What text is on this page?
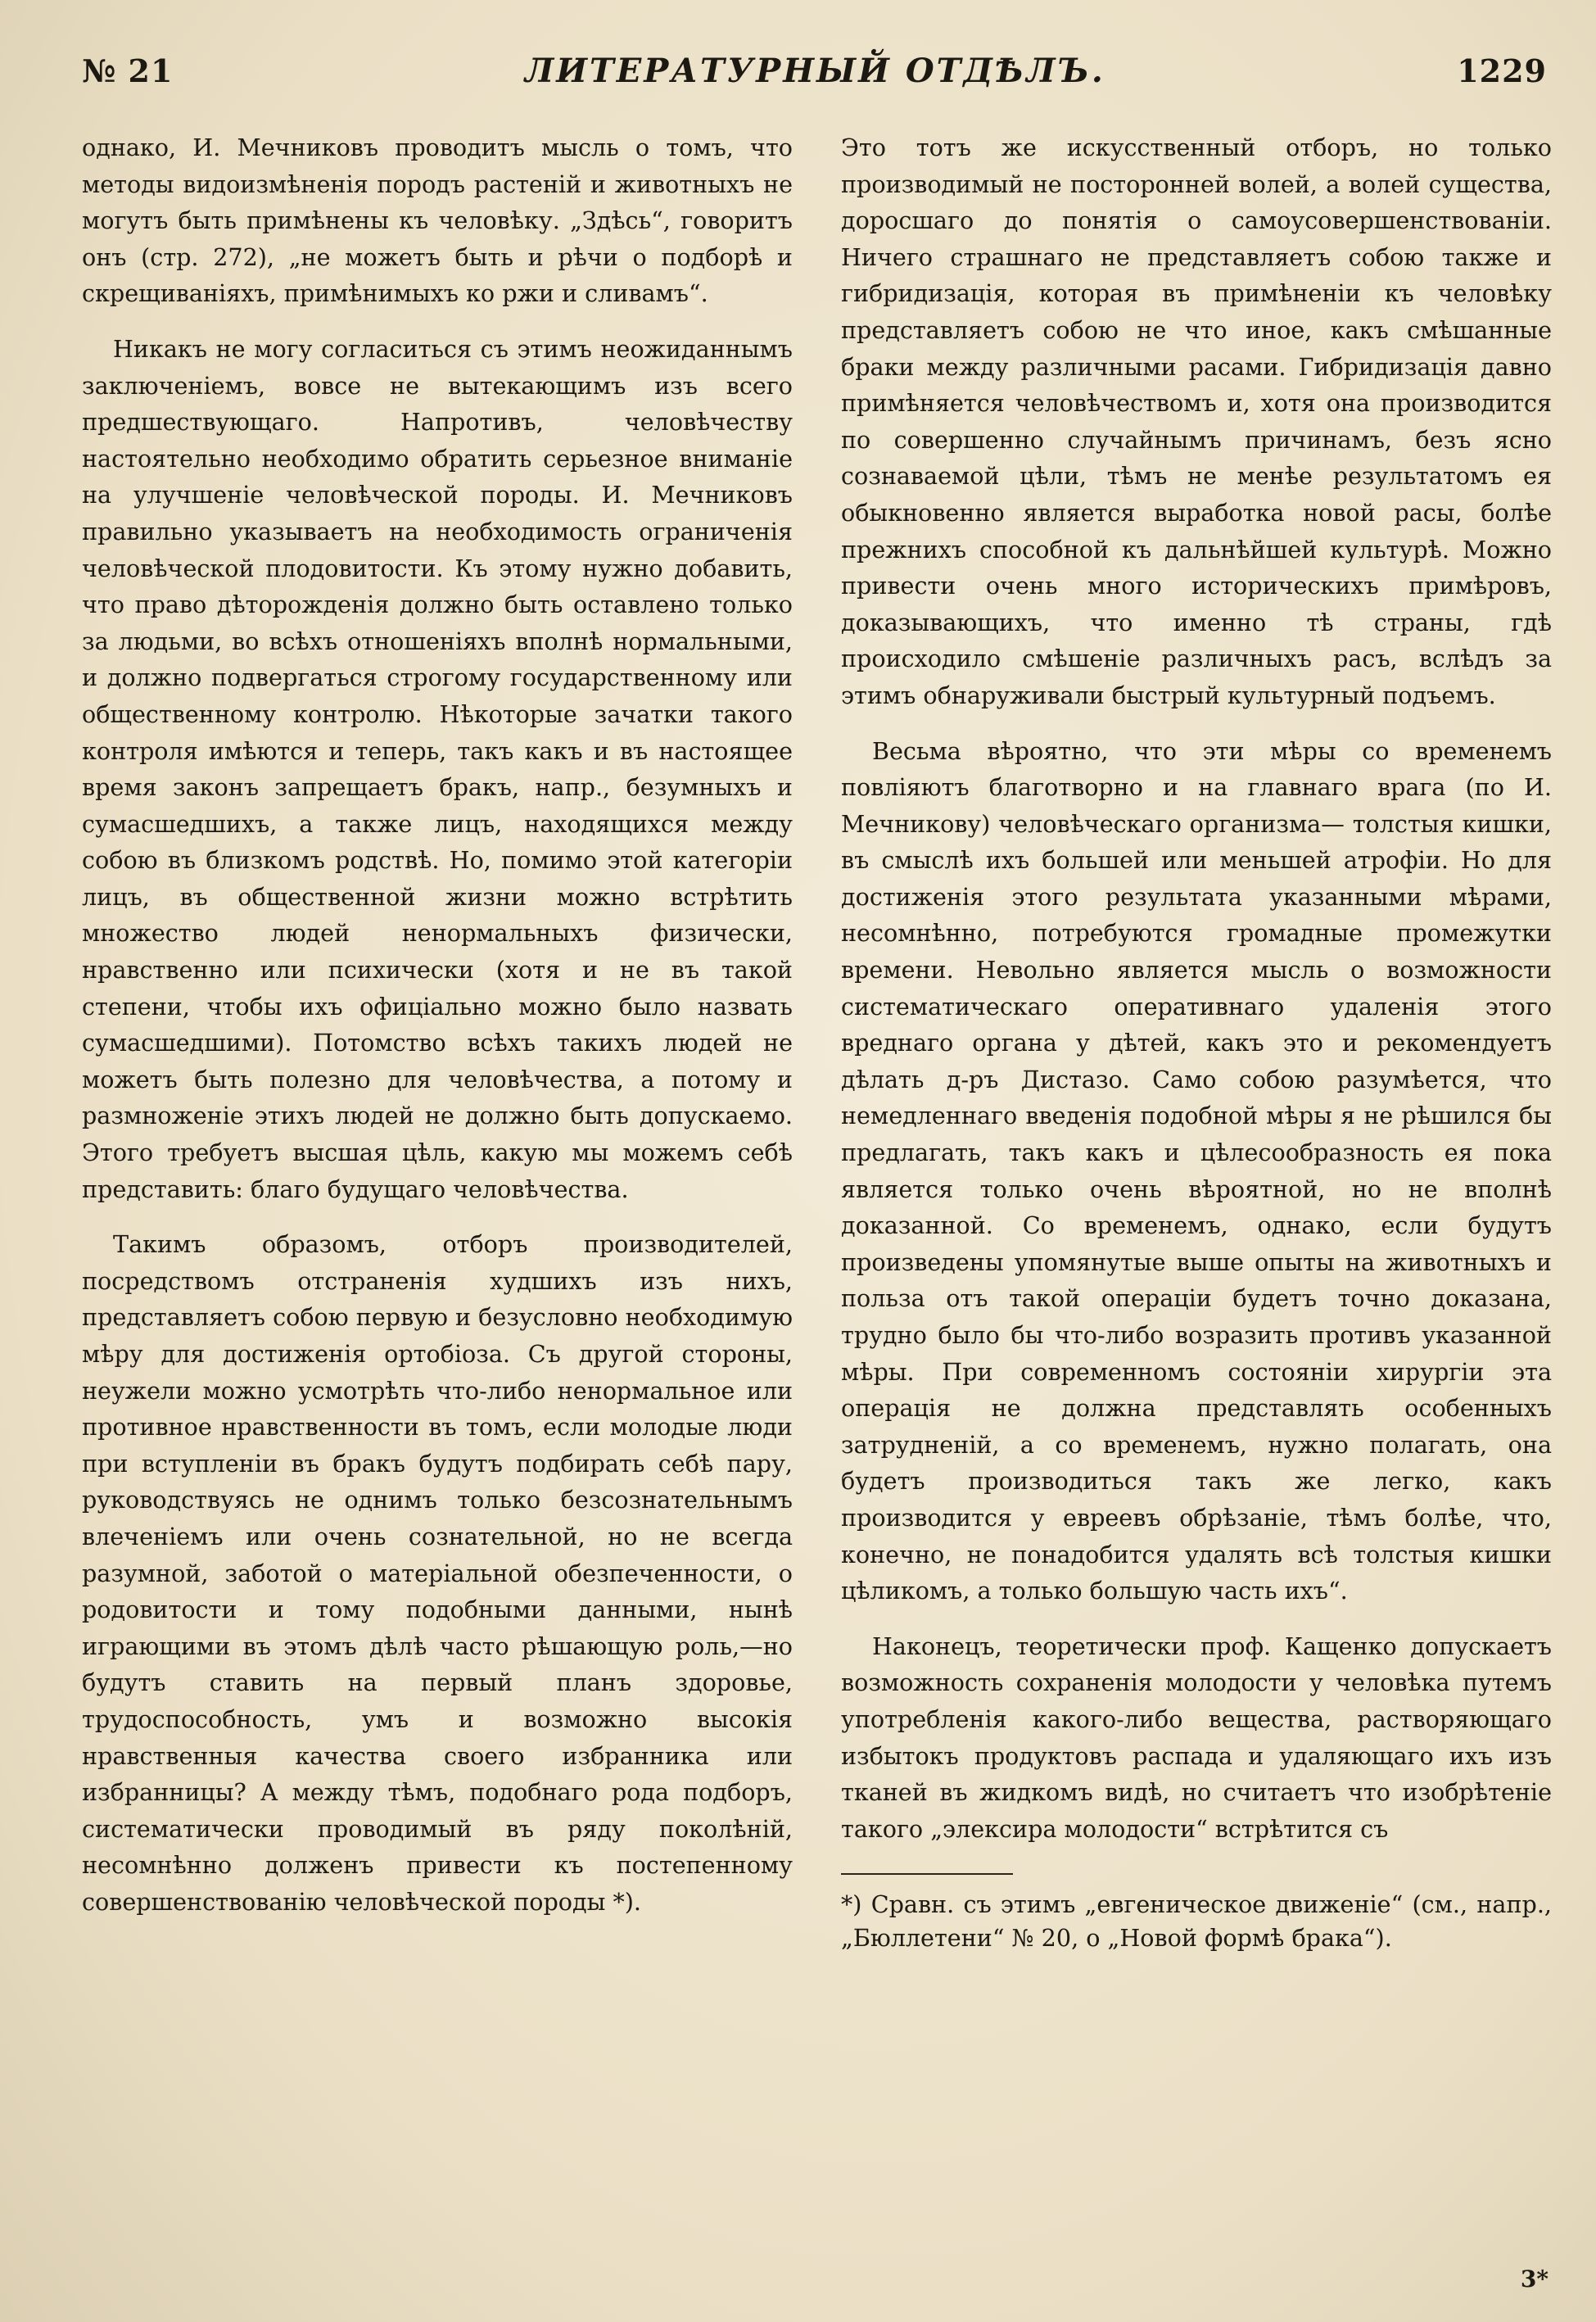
№ 21	ЛИТЕРАТУРНЫЙ ОТДѢЛЪ.	1229

однако, И. Мечниковъ проводитъ мысль о томъ, что методы видоизмѣненія породъ растеній и животныхъ не могутъ быть примѣнены къ человѣку. „Здѣсь“, говоритъ онъ (стр. 272), „не можетъ быть и рѣчи о подборѣ и скрещиваніяхъ, примѣнимыхъ ко ржи и сливамъ“.

Никакъ не могу согласиться съ этимъ неожиданнымъ заключеніемъ, вовсе не вытекающимъ изъ всего предшествующаго. Напротивъ, человѣчеству настоятельно необходимо обратить серьезное вниманіе на улучшеніе человѣческой породы. И. Мечниковъ правильно указываетъ на необходимость ограниченія человѣческой плодовитости. Къ этому нужно добавить, что право дѣторожденія должно быть оставлено только за людьми, во всѣхъ отношеніяхъ вполнѣ нормальными, и должно подвергаться строгому государственному или общественному контролю. Нѣкоторые зачатки такого контроля имѣются и теперь, такъ какъ и въ настоящее время законъ запрещаетъ бракъ, напр., безумныхъ и сумасшедшихъ, а также лицъ, находящихся между собою въ близкомъ родствѣ. Но, помимо этой категоріи лицъ, въ общественной жизни можно встрѣтить множество людей ненормальныхъ физически, нравственно или психически (хотя и не въ такой степени, чтобы ихъ офиціально можно было назвать сумасшедшими). Потомство всѣхъ такихъ людей не можетъ быть полезно для человѣчества, а потому и размноженіе этихъ людей не должно быть допускаемо. Этого требуетъ высшая цѣль, какую мы можемъ себѣ представить: благо будущаго человѣчества.

Такимъ образомъ, отборъ производителей, посредствомъ отстраненія худшихъ изъ нихъ, представляетъ собою первую и безусловно необходимую мѣру для достиженія ортобіоза. Съ другой стороны, неужели можно усмотрѣть что-либо ненормальное или противное нравственности въ томъ, если молодые люди при вступленіи въ бракъ будутъ подбирать себѣ пару, руководствуясь не однимъ только безсознательнымъ влеченіемъ или очень сознательной, но не всегда разумной, заботой о матеріальной обезпеченности, о родовитости и тому подобными данными, нынѣ играющими въ этомъ дѣлѣ часто рѣшающую роль,—но будутъ ставить на первый планъ здоровье, трудоспособность, умъ и возможно высокія нравственныя качества своего избранника или избранницы? А между тѣмъ, подобнаго рода подборъ, систематически проводимый въ ряду поколѣній, несомнѣнно долженъ привести къ постепенному совершенствованію человѣческой породы *).

Это тотъ же искусственный отборъ, но только производимый не посторонней волей, а волей существа, доросшаго до понятія о самоусовершенствованіи. Ничего страшнаго не представляетъ собою также и гибридизація, которая въ примѣненіи къ человѣку представляетъ собою не что иное, какъ смѣшанные браки между различными расами. Гибридизація давно примѣняется человѣчествомъ и, хотя она производится по совершенно случайнымъ причинамъ, безъ ясно сознаваемой цѣли, тѣмъ не менѣе результатомъ ея обыкновенно является выработка новой расы, болѣе прежнихъ способной къ дальнѣйшей культурѣ. Можно привести очень много историческихъ примѣровъ, доказывающихъ, что именно тѣ страны, гдѣ происходило смѣшеніе различныхъ расъ, вслѣдъ за этимъ обнаруживали быстрый культурный подъемъ.

Весьма вѣроятно, что эти мѣры со временемъ повліяютъ благотворно и на главнаго врага (по И. Мечникову) человѣческаго организма— толстыя кишки, въ смыслѣ ихъ большей или меньшей атрофіи. Но для достиженія этого результата указанными мѣрами, несомнѣнно, потребуются громадные промежутки времени. Невольно является мысль о возможности систематическаго оперативнаго удаленія этого вреднаго органа у дѣтей, какъ это и рекомендуетъ дѣлать д-ръ Дистазо. Само собою разумѣется, что немедленнаго введенія подобной мѣры я не рѣшился бы предлагать, такъ какъ и цѣлесообразность ея пока является только очень вѣроятной, но не вполнѣ доказанной. Со временемъ, однако, если будутъ произведены упомянутые выше опыты на животныхъ и польза отъ такой операціи будетъ точно доказана, трудно было бы что-либо возразить противъ указанной мѣры. При современномъ состояніи хирургіи эта операція не должна представлять особенныхъ затрудненій, а со временемъ, нужно полагать, она будетъ производиться такъ же легко, какъ производится у евреевъ обрѣзаніе, тѣмъ болѣе, что, конечно, не понадобится удалять всѣ толстыя кишки цѣликомъ, а только большую часть ихъ“.

Наконецъ, теоретически проф. Кащенко допускаетъ возможность сохраненія молодости у человѣка путемъ употребленія какого-либо вещества, растворяющаго избытокъ продуктовъ распада и удаляющаго ихъ изъ тканей въ жидкомъ видѣ, но считаетъ что изобрѣтеніе такого „элексира молодости“ встрѣтится съ

*) Сравн. съ этимъ „евгеническое движеніе“ (см., напр., „Бюллетени“ № 20, о „Новой формѣ брака“).

3*
